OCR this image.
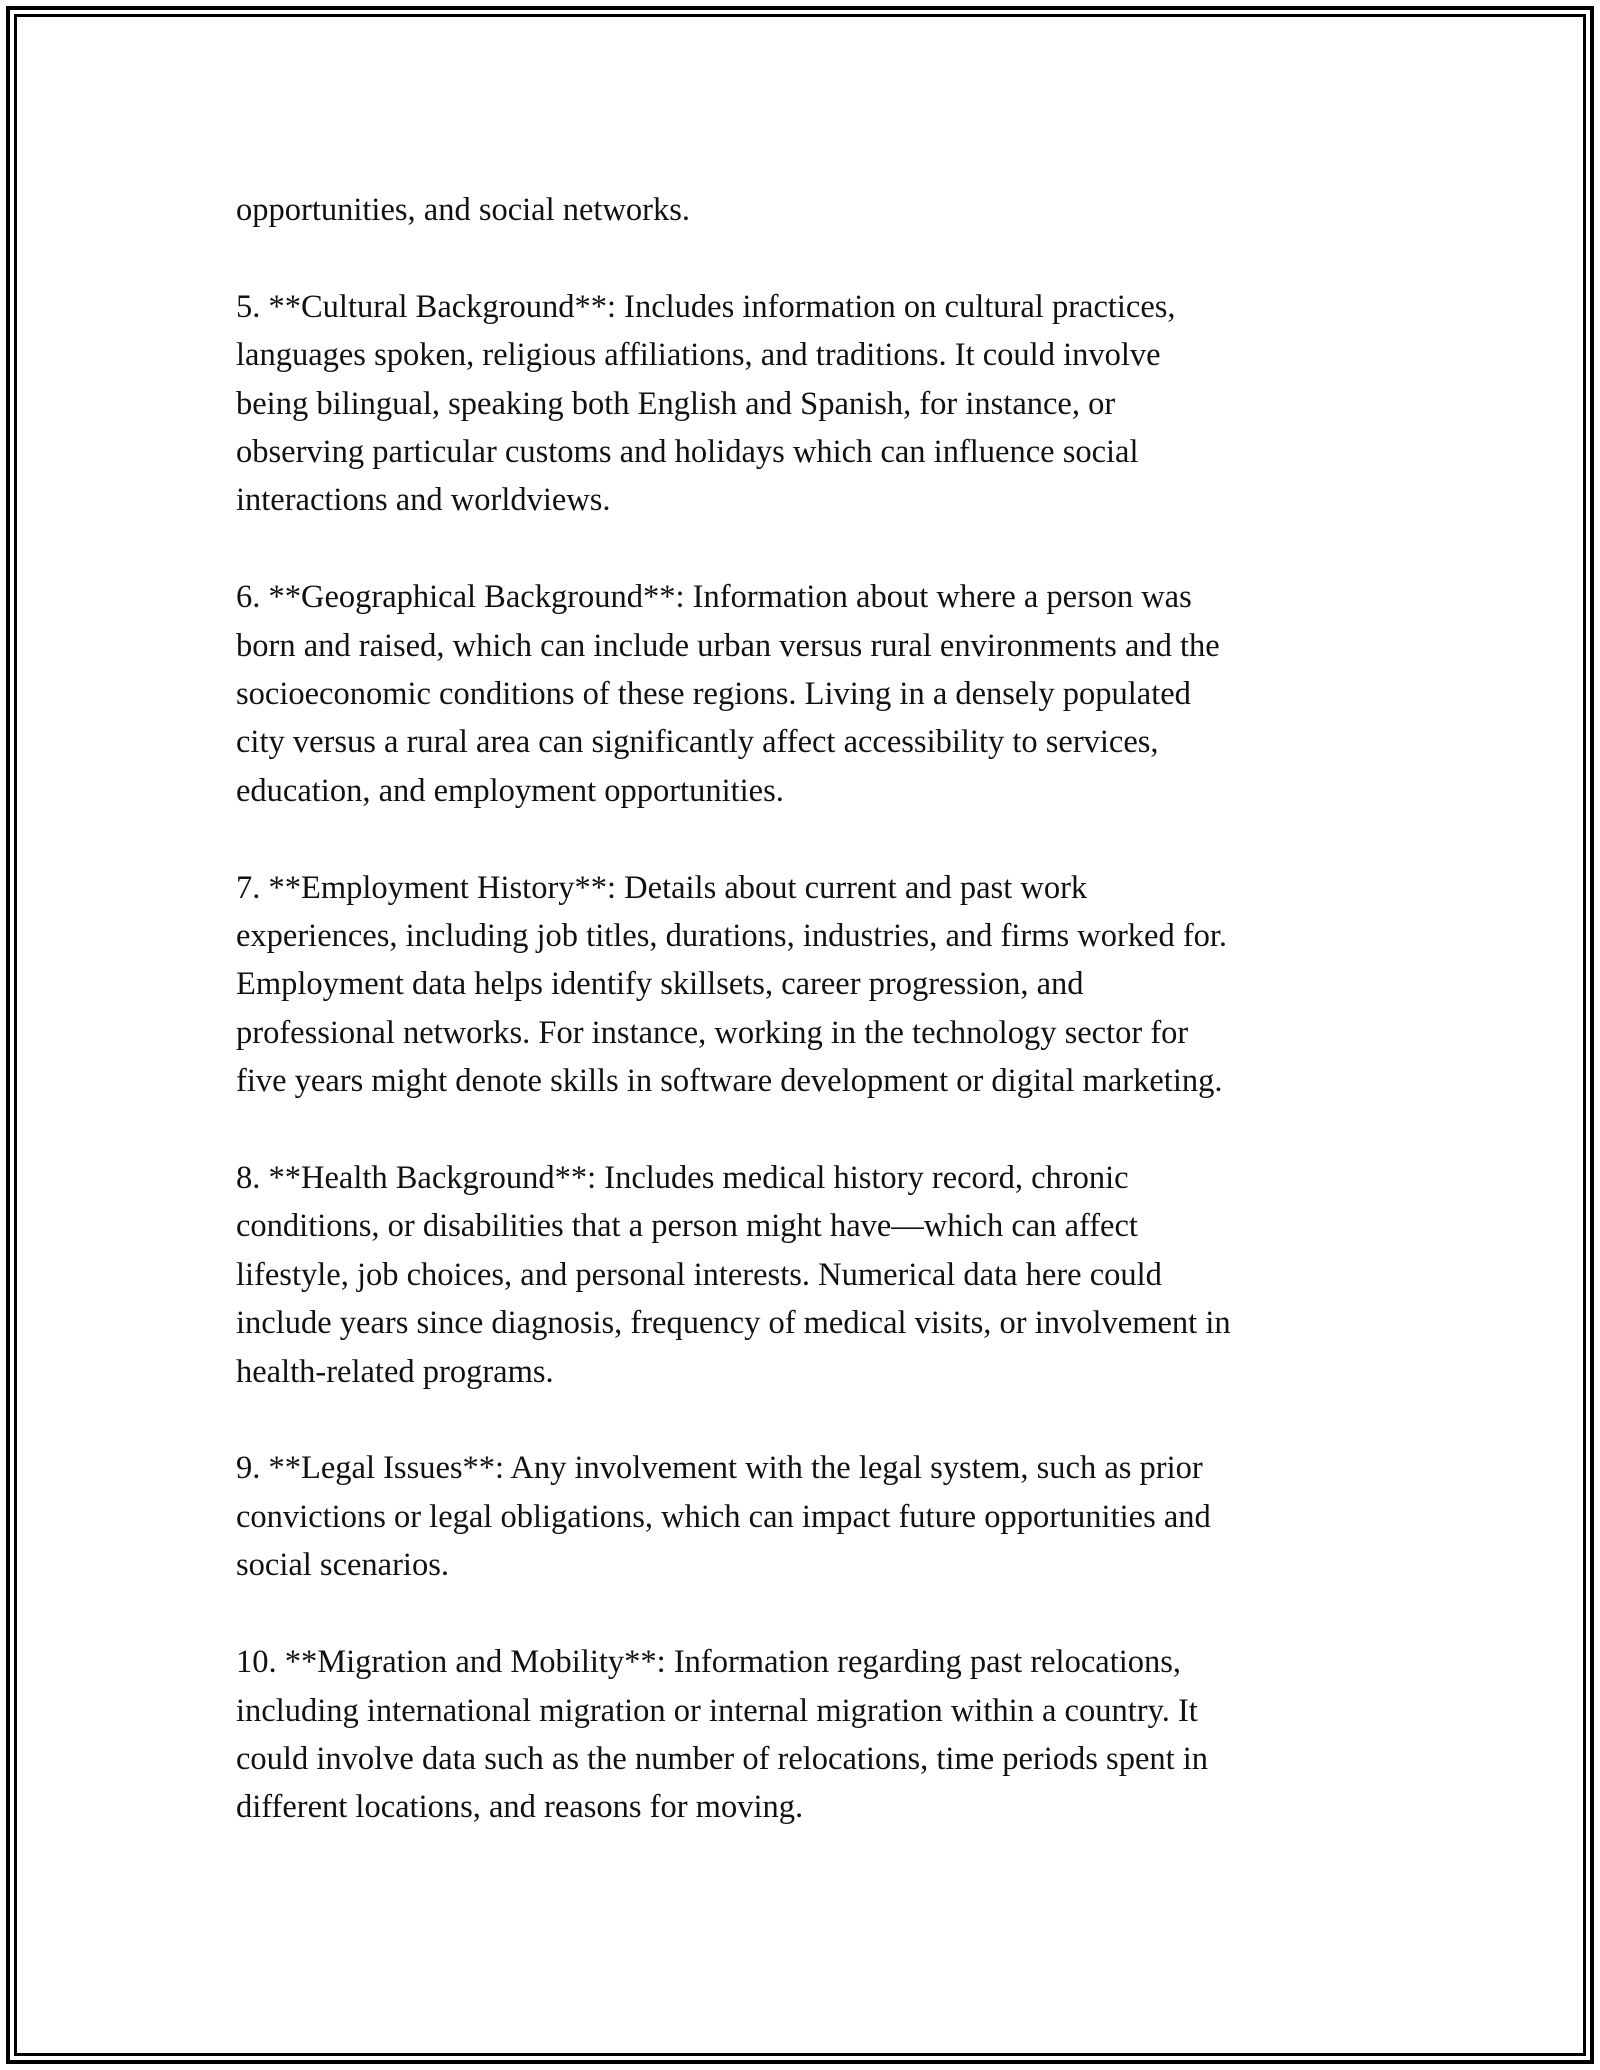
opportunities, and social networks.

5. **Cultural Background**: Includes information on cultural practices,
languages spoken, religious affiliations, and traditions. It could involve
being bilingual, speaking both English and Spanish, for instance, or
observing particular customs and holidays which can influence social
interactions and worldviews.

6. **Geographical Background**: Information about where a person was
born and raised, which can include urban versus rural environments and the
socioeconomic conditions of these regions. Living in a densely populated
city versus a rural area can significantly affect accessibility to services,
education, and employment opportunities.

7. **Employment History**: Details about current and past work
experiences, including job titles, durations, industries, and firms worked for.
Employment data helps identify skillsets, career progression, and
professional networks. For instance, working in the technology sector for
five years might denote skills in software development or digital marketing.

8. **Health Background**: Includes medical history record, chronic
conditions, or disabilities that a person might have—which can affect
lifestyle, job choices, and personal interests. Numerical data here could
include years since diagnosis, frequency of medical visits, or involvement in
health-related programs.

9. **Legal Issues**: Any involvement with the legal system, such as prior
convictions or legal obligations, which can impact future opportunities and
social scenarios.

10. **Migration and Mobility**: Information regarding past relocations,
including international migration or internal migration within a country. It
could involve data such as the number of relocations, time periods spent in
different locations, and reasons for moving.
